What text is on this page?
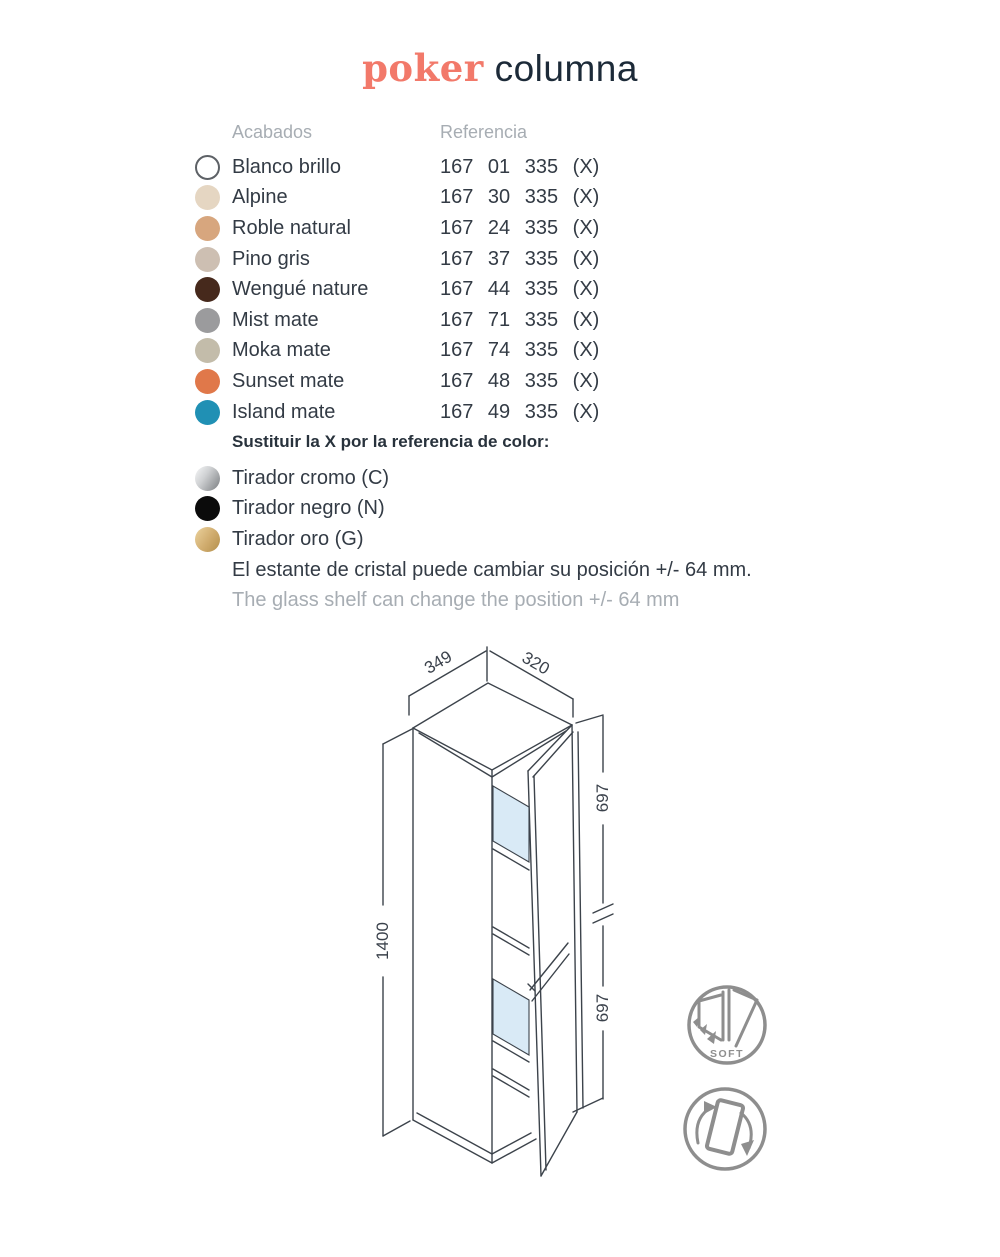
poker columna
Acabados	Referencia
Blanco brillo	167 01 335 (X)
Alpine	167 30 335 (X)
Roble natural	167 24 335 (X)
Pino gris	167 37 335 (X)
Wengué nature	167 44 335 (X)
Mist mate	167 71 335 (X)
Moka mate	167 74 335 (X)
Sunset mate	167 48 335 (X)
Island mate	167 49 335 (X)
Sustituir la X por la referencia de color:
Tirador cromo (C)
Tirador negro (N)
Tirador oro (G)
El estante de cristal puede cambiar su posición +/- 64 mm.
The glass shelf can change the position +/- 64 mm
349	320
1400
697
697
SOFT
